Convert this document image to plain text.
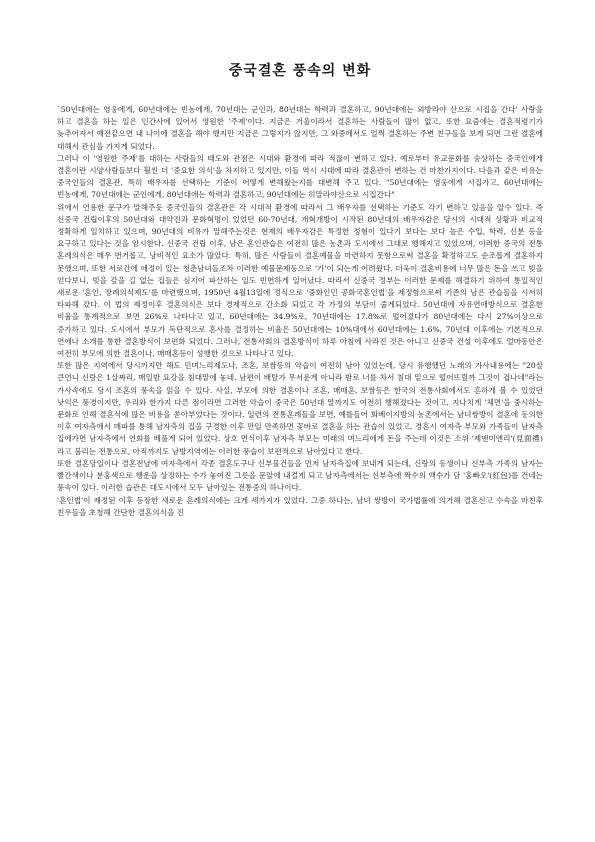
중국결혼 풍속의 변화

`50년대에는 영웅에게, 60년대에는 빈농에게, 70년대는 군인과, 80년대는 학력과 결혼하고, 90년대에는 외방라야 산으로 시집을 간다' 사랑을 하고 결혼을 하는 일은 인간사에 있어서 영원한 '주제'이다. 지금은 거울이라서 결혼하는 사람들이 많이 없고, 또한 요즘에는 결혼적령기가 늦추어져서 예전같으면 내 나이에 결혼을 해야 했지만 지금은 그렇지가 않지만, 그 와중에서도 얼쩍 결혼하는 주변 친구들을 보게 되면 그런 결혼에 대해서 관심을 가지게 되었다.

그러나 이 '영원한 주제'를 대하는 사람들의 태도와 관점은 시대와 환경에 따라 적잖이 변하고 있다. 예로부터 유교문화를 숭상하는 중국인에게 결혼이란 시양사람들보다 훨씬 더 '중요한 의식'을 차지하고 있지만, 이들 역시 시대에 따라 결혼관이 변하는 건 마찬가지이다. 다음과 같은 비유는 중국인들의 결혼관, 특히 배우자를 선택하는 기준이 어떻게 변해왔는지를 대변해 주고 있다. "50년대에는 영웅에게 시집가고, 60년대에는 빈농에게, 70년대에는 군인에게, 80년대에는 학력과 결혼하고, 90년대에는 히말라야산으로 시집간다"

위에서 언용한 문구가 말해주듯 중국인들의 결혼관은 각 시대적 환경에 따라서 그 배우자를 선택하는 기준도 각기 변하고 있음을 알수 있다. 즉 신중국 건립이후의 50년대와 대약진과 문화혁명이 있었던 60-70년대, 개혁개방이 시작된 80년대의 배우자감은 당시의 시대적 상황과 비교적 정확하게 일치하고 있으며, 90년대의 비유가 말해주는것은 현재의 배우자감은 특정한 정형이 있다기 보다는 보다 높은 수입, 학력, 신분 등을 요구하고 있다는 것을 암시한다. 신중국 건립 이후, 남은 혼인관습은 여전히 많은 농촌과 도시에서 그대로 행해지고 있었으며, 이러한 중국의 전통 혼례의식은 매우 번거롭고, 낭비적인 요소가 많았다. 특히, 많은 사람들이 결혼예물을 마련하지 못함으로써 결혼을 확정하고도 순조롭게 결혼하지 못했으며, 또한 서로간에 애정이 있는 청춘남녀들조차 이러한 예물문제등으로 '가'이 되는게 어려웠다. 더욱이 결혼비용에 너무 많은 돈을 쓰고 빚을 얻다보니, 빚을 갚을 길 없는 집들은 심지어 파산하는 일도 빈번하게 일어났다. 따라서 신중국 정부는 이러한 문제를 해결하기 위하여 통일적인 새로운 '혼인, 장례의식제도'를 마련했으며, 1950년 4월13일에 정식으로 '중화인민 공화국혼인법'을 제정함으로써 기존의 남은 관습들을 시서히 타파해 갔다. 이 법의 제정이후 결혼의식은 보다 경제적으로 간소화 되었고 각 가정의 부담이 줄게되었다. 50년대에 자유연애방식으로 결혼한 비율을 통계적으로 보면 26%로 나타나고 있고, 60년대에는 34.9%로, 70년대에는 17.8%로 떨어졌다가 80년대에는 다시 27%이상으로 증가하고 있다. 도시에서 부모가 독단적으로 혼사를 결정하는 비율은 50년대에는 10%대에서 60년대에는 1.6%, 70년대 이후에는 기본적으로 연애나 소개를 통한 결혼방식이 보편화 되었다. 그러나, 전통사회의 결혼방식이 하루 아침에 사라진 것은 아니고 신중국 건설 이후에도 얼마동안은 여전히 부모에 의한 결혼이나, 매매혼등이 성행한 것으로 나타나고 있다.

또한 많은 지역에서 당시까지만 해도 민며느리제도나, 조혼, 보쌈등의 악습이 여전히 남아 있었는데, 당시 유행했던 노래의 가사내용에는 "20살 큰언니 신랑은 1살짜리, 매일밤 요강을 침대맡에 놓네. 남편이 배탈가 무서운게 아니라 밤로 너를 차서 침대 밑으로 떨어뜨릴까 그것이 겁나네"라는 가사속에도 당시 조혼의 풍속을 읽을 수 있다. 사실, 부모에 의한 결혼이나 조혼, 매매혼, 보쌈등은 한국의 전통사회에서도 흔하게 볼 수 있었던 낫익은 풍경이지만, 우리와 한가지 다른 점이라면 그러한 악습이 중국은 50년대 말까지도 여전히 행해졌다는 것이고, 지나치게 '체면'을 중시하는 문화로 인해 결혼식에 많은 비용을 쏟아부었다는 것이다. 일련의 전통혼례들을 보면, 예를들어 회베이지방의 농촌에서는 남녀쌍방이 결혼에 동의한 이후 여자측에서 매파를 통해 남자측의 집을 구경한 이후 만일 만족하면 꽃바로 결혼을 하는 관습이 있었고, 경혼시 여자측 부모와 가족들이 남자측 집에가면 남자측에서 연회를 베풀게 되어 있었다. 상호 면식이후 남자측 부모는 미래의 며느리에게 돈을 주는데 이것은 소위 '제맨미앤리'(見面禮)라고 불리는 전통으로, 아직까지도 남방지역에는 이러한 풍습이 보편적으로 남아있다고 한다.

또한 결혼당일이나 결혼전날에 여자측에서 각종 결혼도구나 신부물건들을 먼저 남자측집에 보내게 되는데, 신랑의 동생이나 신부측 가족의 남자는 빨간색이나 분홍색으로 행운을 상징하는 수가 놓여진 그릇을 문앞에 내걸게 되고 남자측에서는 신부측에 짝수의 액수가 담 '홍빠오'(紅包)를 건네는 풍속이 있다. 이러한 습관은 대도시에서 모두 남아있는 전통중의 하나이다.

'혼인법'이 제정된 이후 등장한 새로운 혼례의식에는 크게 세가지가 있었다. 그중 하나는, 남녀 쌍방이 국가법률에 의거해 결혼신고 수속을 마친후 친우들을 초청해 간단한 결혼의식을 진
